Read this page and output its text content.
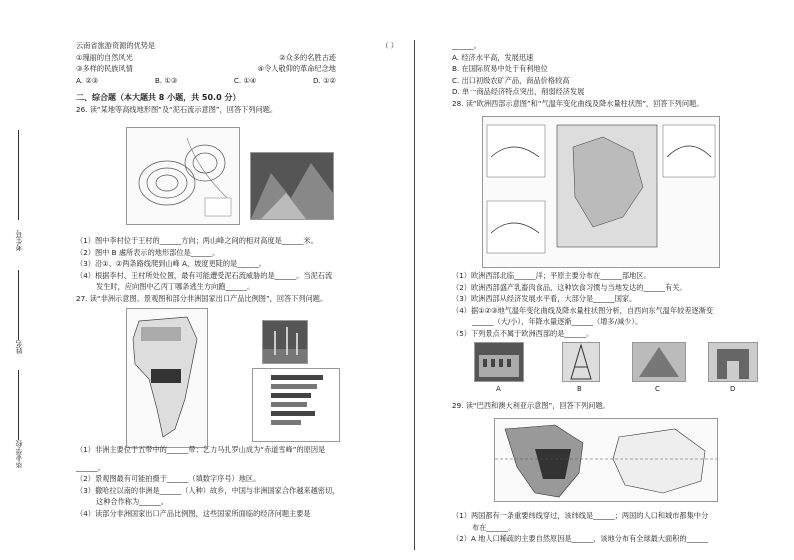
考生号
姓名
毕业学校
云南省旅游资源的优势是	（ ）
①瑰丽的自然风光	②众多的名胜古迹
③多样的民族风情	④令人敬仰的革命纪念地
A. ②③	B. ①③	C. ①④	D. ①②
二、综合题（本大题共 8 小题，共 50.0 分）
26. 读“某地等高线地形图”及“泥石流示意图”，回答下列问题。
（1）图中李村位于王村的______方向；两山峰之间的相对高度是______米。
（2）图中 B 處所表示的地形部位是______。
（3）沿①、②两条路线爬到山峰 A，坡度更陡的是______。
（4）根据李村、王村所处位置，最有可能遭受泥石流威胁的是______。当泥石流
发生时，应向图中乙丙丁哪条逃生方向跑______。
27. 读“非洲示意图、景观图和部分非洲国家出口产品比例图”，回答下列问题。
（1）非洲主要位于五带中的______带；乞力马扎罗山成为“赤道雪峰”的原因是
______。
（2）景观图最有可能拍摄于______（填数字序号）地区。
（3）撒哈拉以南的非洲是______（人种）故乡，中国与非洲国家合作越来越密切，
这种合作称为______。
（4）读部分非洲国家出口产品比例图，这些国家所面临的经济问题主要是
______。
A. 经济水平高，发展迅速
B. 在国际贸易中处于有利地位
C. 出口初级农矿产品，商品价格较高
D. 单一商品经济特点突出，削弱经济发展
28. 读“欧洲西部示意图”和“气温年变化曲线及降水量柱状图”，回答下列问题。
（1）欧洲西部北临______洋；平原主要分布在______部地区。
（2）欧洲西部盛产乳畜肉食品，这种饮食习惯与当地发达的______有关。
（3）欧洲西部从经济发展水平看，大部分是______国家。
（4）据①②③地气温年变化曲线及降水量柱状图分析，自西向东气温年较差逐渐变
______（大/小），年降水量逐渐______（增多/减少）。
（5）下列景点不属于欧洲西部的是______。
A	B	C	D
29. 读“巴西和澳大利亚示意图”，回答下列问题。
（1）两国都有一条重要纬线穿过，该纬线是______；两国的人口和城市都集中分
布在______。
（2）A 地人口稀疏的主要自然原因是______，该地分布有全球最大面积的______
